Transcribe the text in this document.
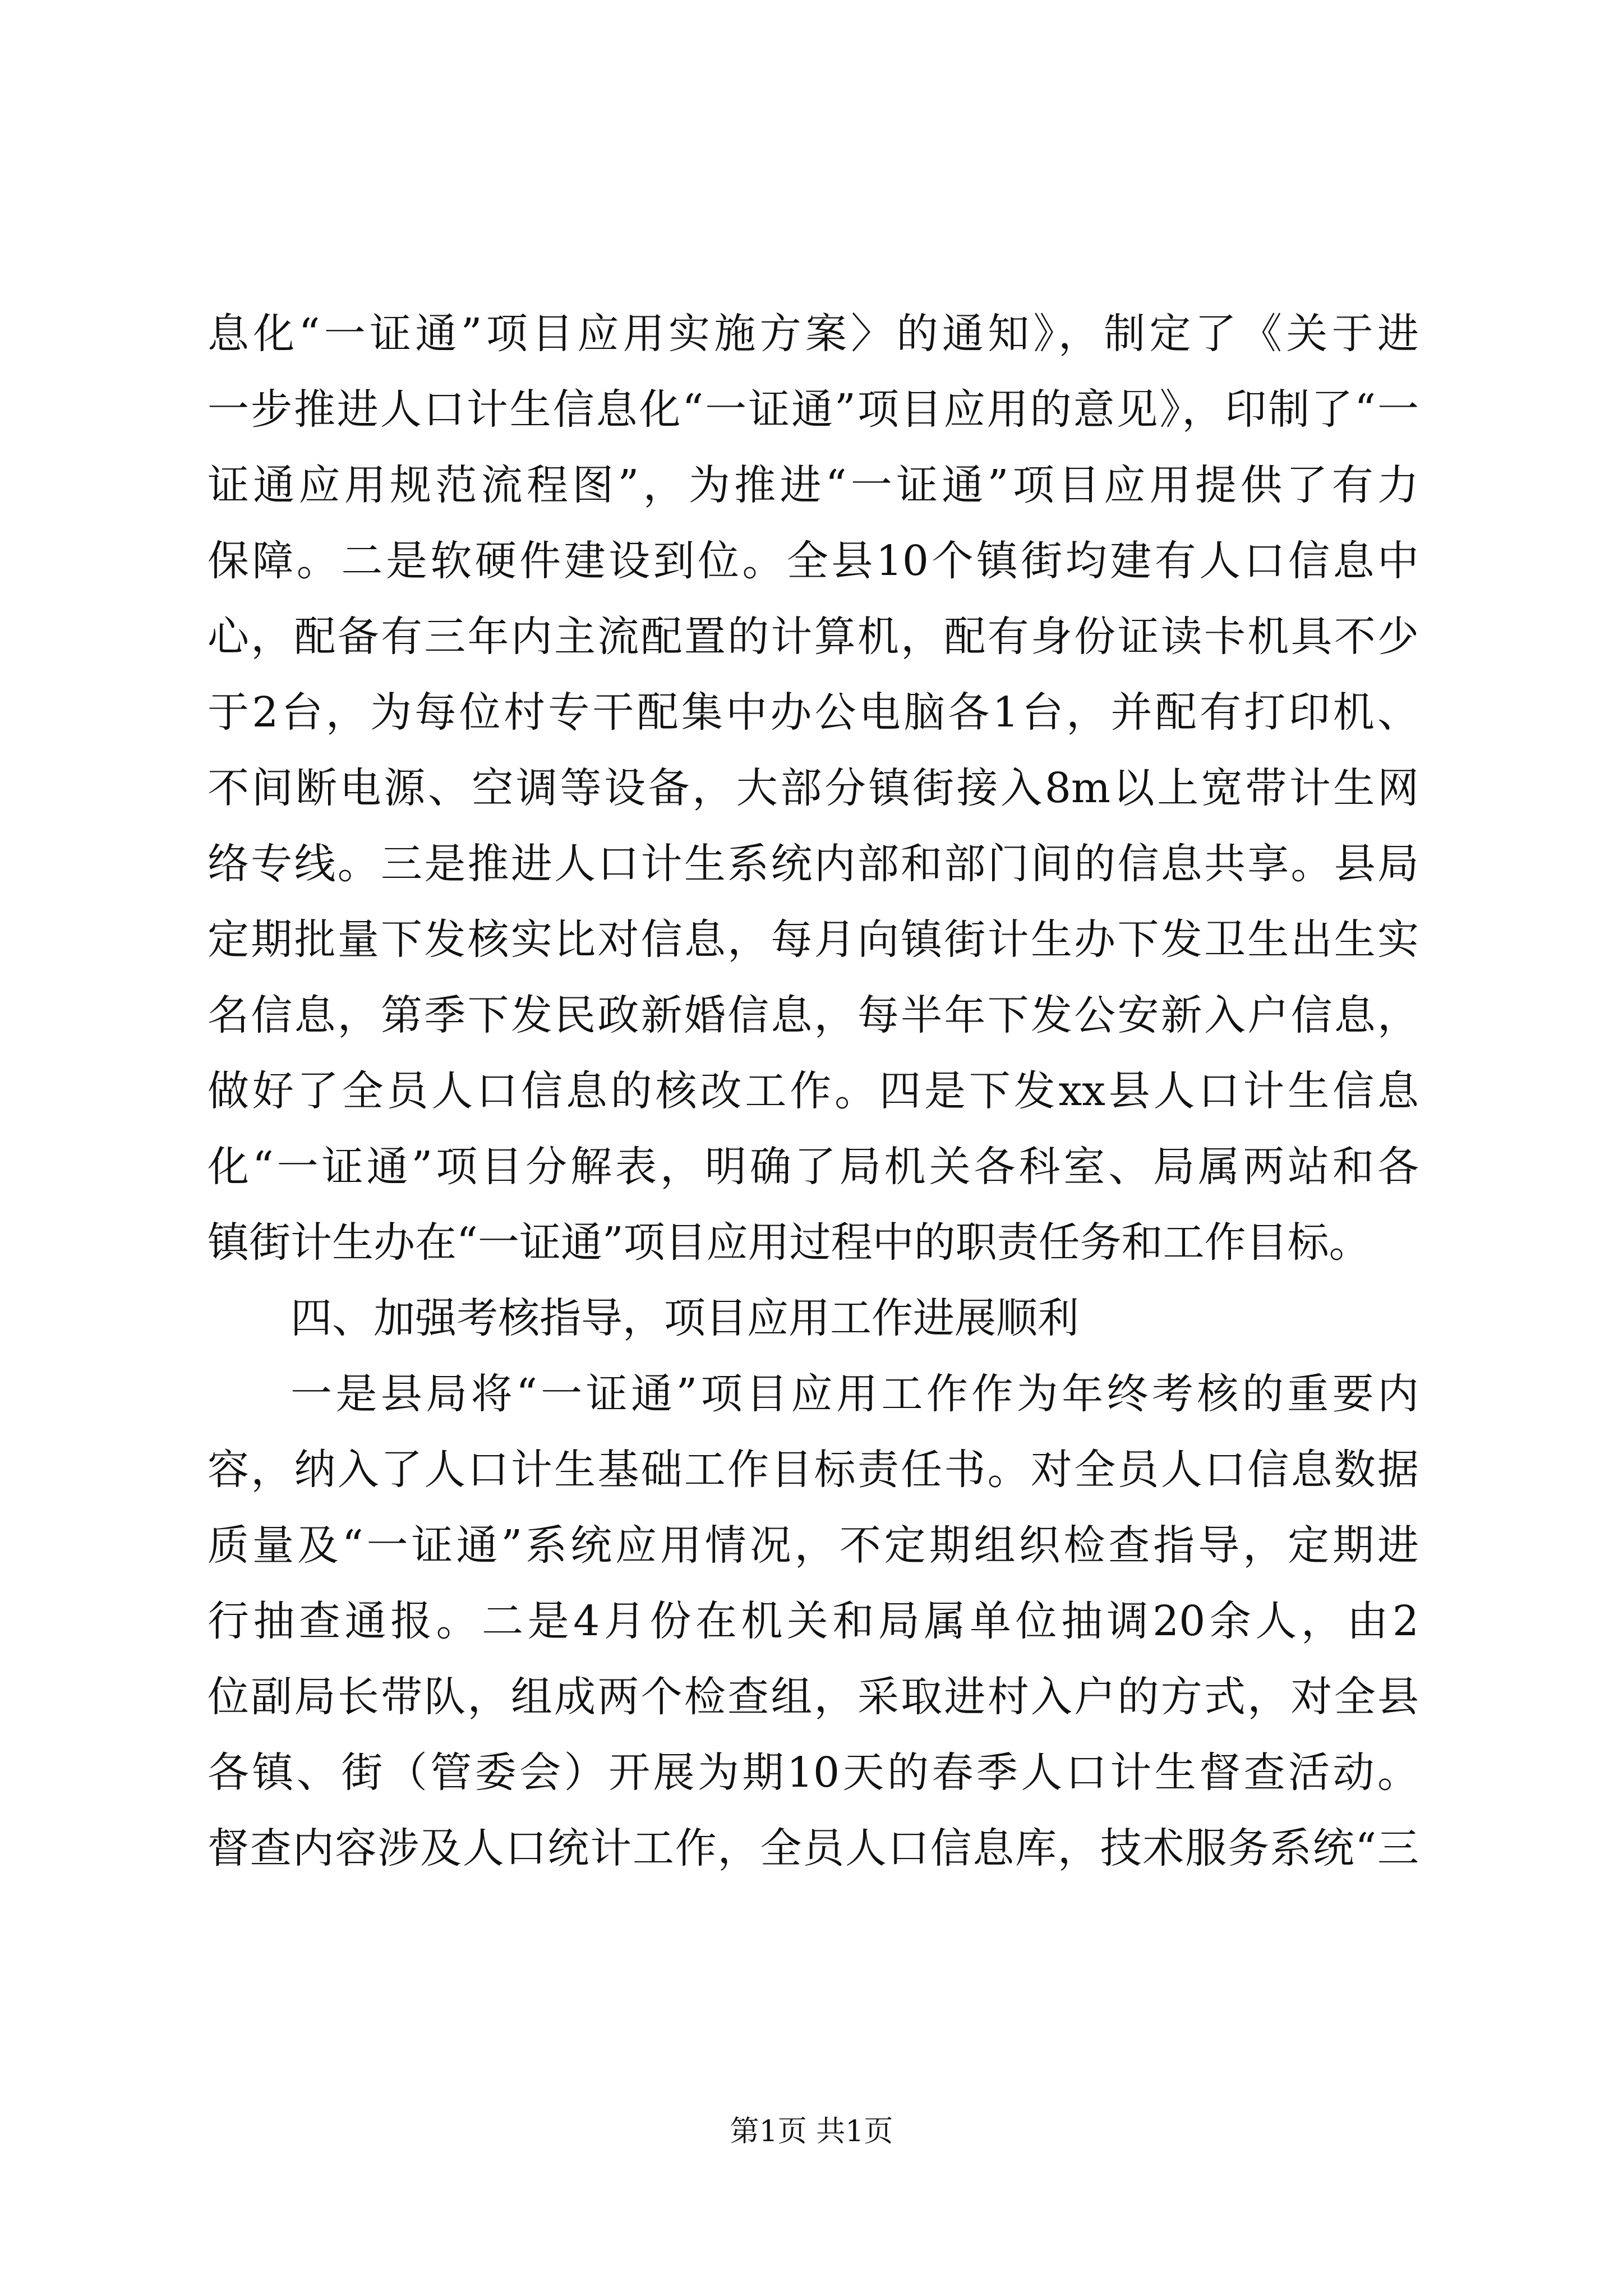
息化“一证通”项目应用实施方案〉的通知》，制定了《关于进
一步推进人口计生信息化“一证通”项目应用的意见》，印制了“一
证通应用规范流程图”，为推进“一证通”项目应用提供了有力
保障。二是软硬件建设到位。全县10个镇街均建有人口信息中
心，配备有三年内主流配置的计算机，配有身份证读卡机具不少
于2台，为每位村专干配集中办公电脑各1台，并配有打印机、
不间断电源、空调等设备，大部分镇街接入8m以上宽带计生网
络专线。三是推进人口计生系统内部和部门间的信息共享。县局
定期批量下发核实比对信息，每月向镇街计生办下发卫生出生实
名信息，第季下发民政新婚信息，每半年下发公安新入户信息，
做好了全员人口信息的核改工作。四是下发xx县人口计生信息
化“一证通”项目分解表，明确了局机关各科室、局属两站和各
镇街计生办在“一证通”项目应用过程中的职责任务和工作目标。
四、加强考核指导，项目应用工作进展顺利
一是县局将“一证通”项目应用工作作为年终考核的重要内
容，纳入了人口计生基础工作目标责任书。对全员人口信息数据
质量及“一证通”系统应用情况，不定期组织检查指导，定期进
行抽查通报。二是4月份在机关和局属单位抽调20余人，由2
位副局长带队，组成两个检查组，采取进村入户的方式，对全县
各镇、街（管委会）开展为期10天的春季人口计生督查活动。
督查内容涉及人口统计工作，全员人口信息库，技术服务系统“三
第1页 共1页
